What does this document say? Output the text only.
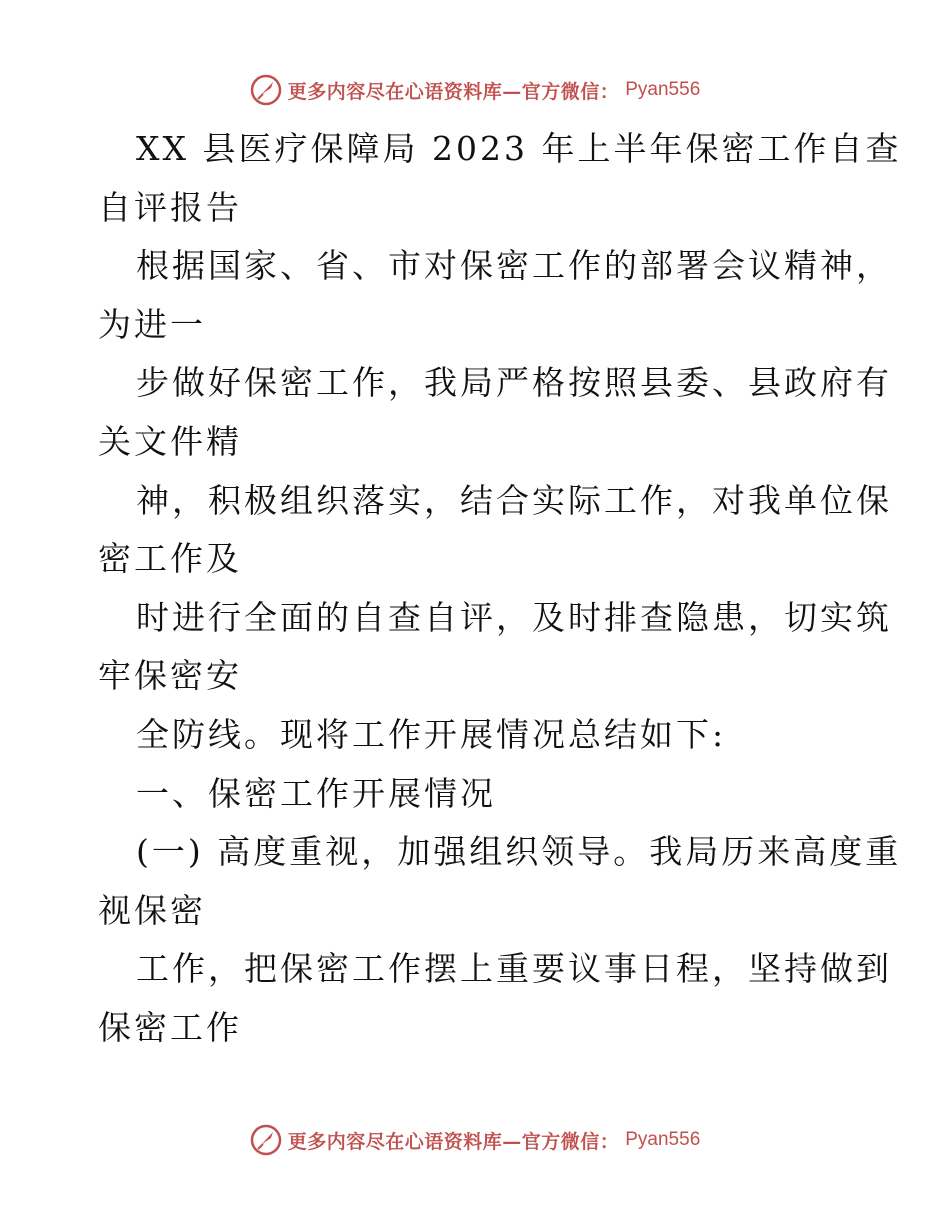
更多内容尽在心语资料库—官方微信： Pyan556
XX 县医疗保障局 2023 年上半年保密工作自查
自评报告
根据国家、省、市对保密工作的部署会议精神，
为进一
步做好保密工作，我局严格按照县委、县政府有
关文件精
神，积极组织落实，结合实际工作，对我单位保
密工作及
时进行全面的自查自评，及时排查隐患，切实筑
牢保密安
全防线。现将工作开展情况总结如下:
一、保密工作开展情况
(一) 高度重视，加强组织领导。我局历来高度重
视保密
工作，把保密工作摆上重要议事日程，坚持做到
保密工作
更多内容尽在心语资料库—官方微信： Pyan556
